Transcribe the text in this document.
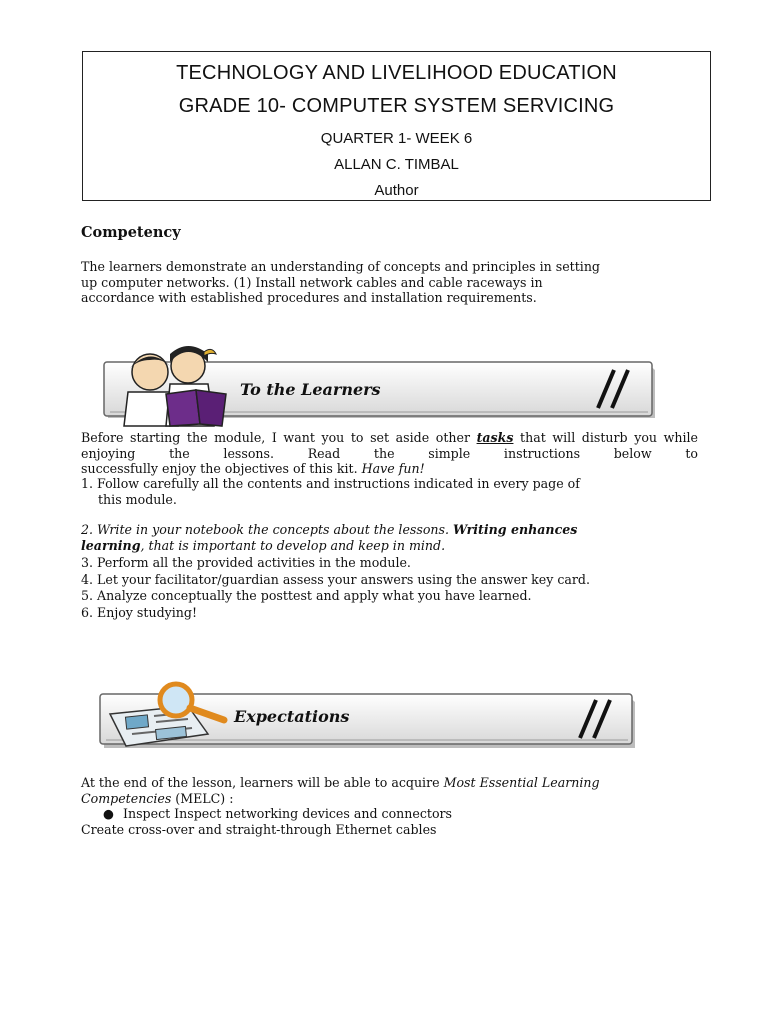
TECHNOLOGY AND LIVELIHOOD EDUCATION
GRADE 10- COMPUTER SYSTEM SERVICING
QUARTER 1- WEEK 6
ALLAN C. TIMBAL
Author
Competency
The learners demonstrate an understanding of concepts and principles in setting
up computer networks. (1) Install network cables and cable raceways in
accordance with established procedures and installation requirements.
To the Learners
Before starting the module, I want you to set aside other tasks that will disturb you while enjoying the lessons. Read the simple instructions below to
successfully enjoy the objectives of this kit. Have fun!
1. Follow carefully all the contents and instructions indicated in every page of
this module.
2. Write in your notebook the concepts about the lessons. Writing enhances
learning, that is important to develop and keep in mind.
3. Perform all the provided activities in the module.
4. Let your facilitator/guardian assess your answers using the answer key card.
5. Analyze conceptually the posttest and apply what you have learned.
6. Enjoy studying!
Expectations
At the end of the lesson, learners will be able to acquire Most Essential Learning
Competencies (MELC) :
● Inspect Inspect networking devices and connectors
Create cross-over and straight-through Ethernet cables
